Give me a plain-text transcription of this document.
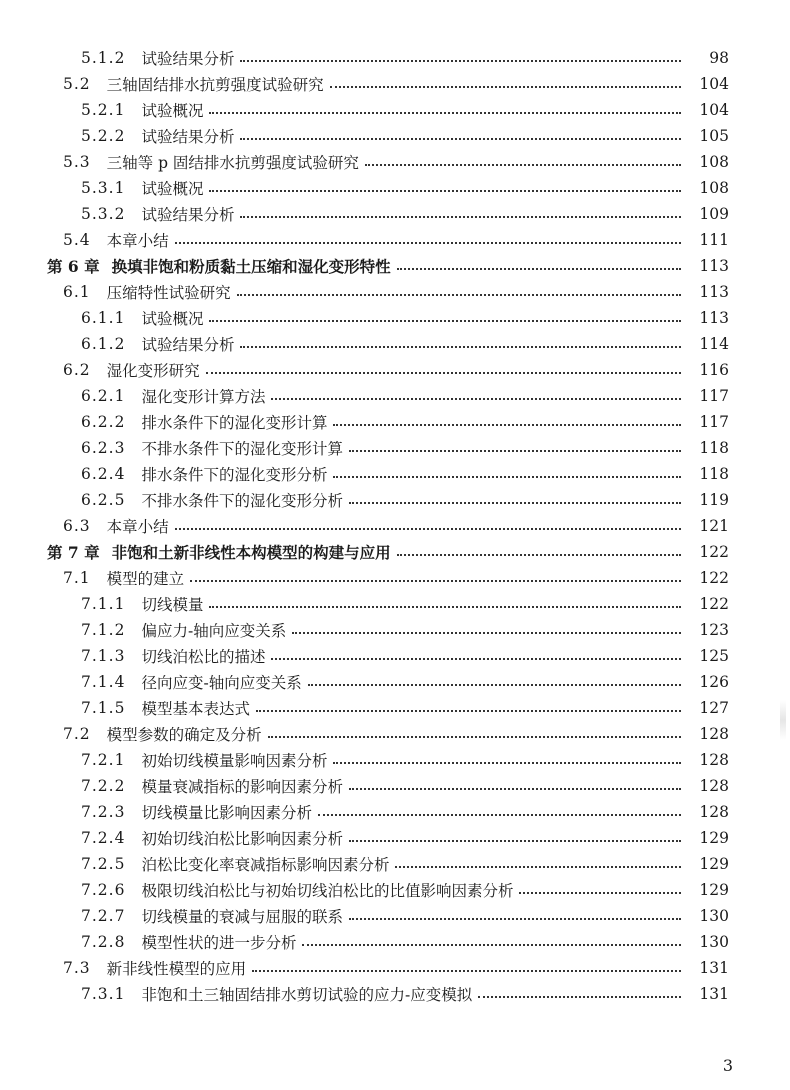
5.1.2 试验结果分析	98
5.2 三轴固结排水抗剪强度试验研究	104
5.2.1 试验概况	104
5.2.2 试验结果分析	105
5.3 三轴等 p 固结排水抗剪强度试验研究	108
5.3.1 试验概况	108
5.3.2 试验结果分析	109
5.4 本章小结	111
第 6 章 换填非饱和粉质黏土压缩和湿化变形特性	113
6.1 压缩特性试验研究	113
6.1.1 试验概况	113
6.1.2 试验结果分析	114
6.2 湿化变形研究	116
6.2.1 湿化变形计算方法	117
6.2.2 排水条件下的湿化变形计算	117
6.2.3 不排水条件下的湿化变形计算	118
6.2.4 排水条件下的湿化变形分析	118
6.2.5 不排水条件下的湿化变形分析	119
6.3 本章小结	121
第 7 章 非饱和土新非线性本构模型的构建与应用	122
7.1 模型的建立	122
7.1.1 切线模量	122
7.1.2 偏应力-轴向应变关系	123
7.1.3 切线泊松比的描述	125
7.1.4 径向应变-轴向应变关系	126
7.1.5 模型基本表达式	127
7.2 模型参数的确定及分析	128
7.2.1 初始切线模量影响因素分析	128
7.2.2 模量衰减指标的影响因素分析	128
7.2.3 切线模量比影响因素分析	128
7.2.4 初始切线泊松比影响因素分析	129
7.2.5 泊松比变化率衰减指标影响因素分析	129
7.2.6 极限切线泊松比与初始切线泊松比的比值影响因素分析	129
7.2.7 切线模量的衰减与屈服的联系	130
7.2.8 模型性状的进一步分析	130
7.3 新非线性模型的应用	131
7.3.1 非饱和土三轴固结排水剪切试验的应力-应变模拟	131
3
